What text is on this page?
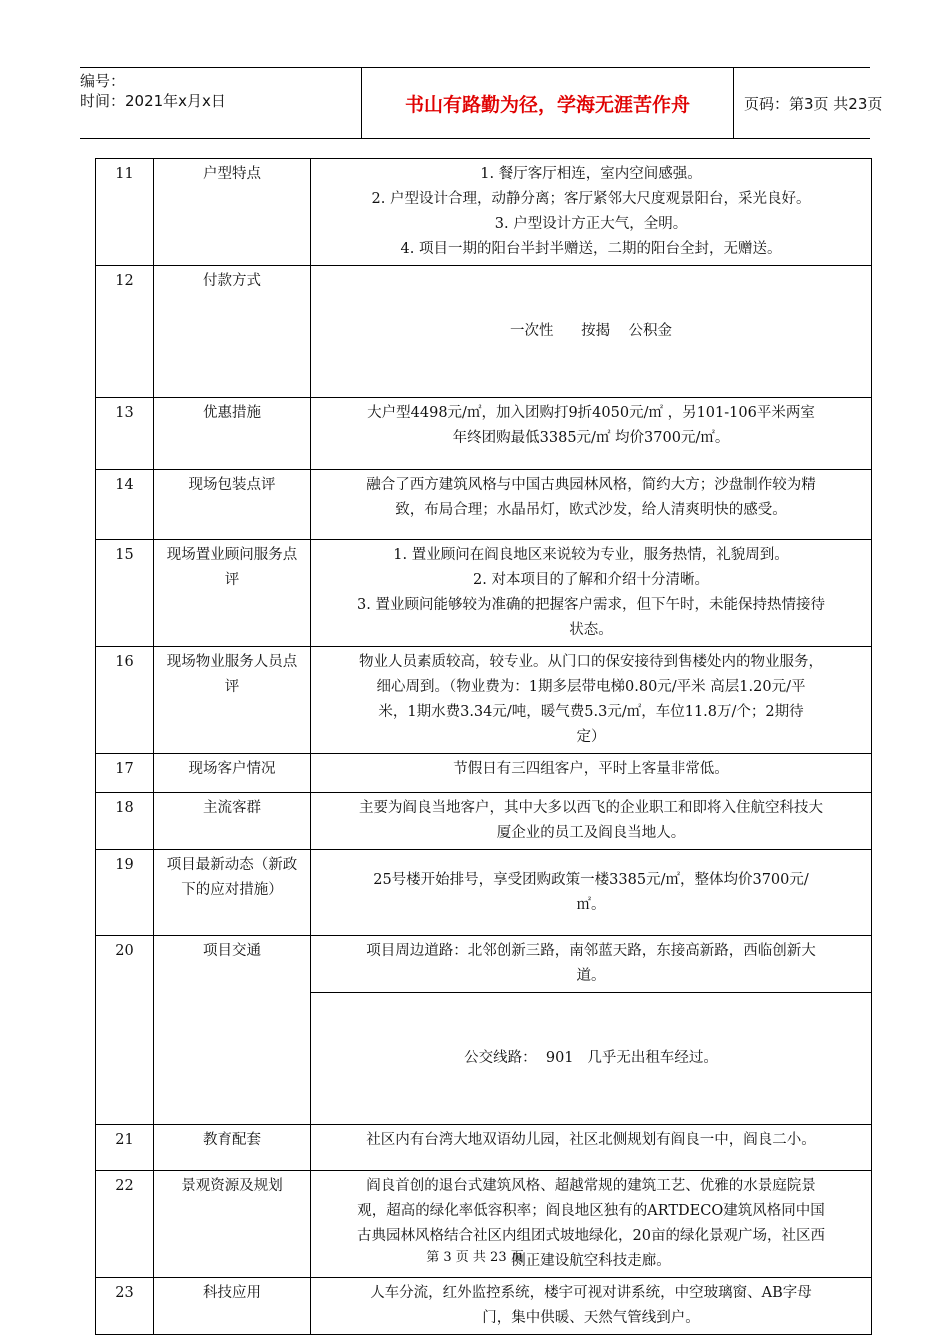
编号：
时间：2021年x月x日	书山有路勤为径，学海无涯苦作舟	页码：第3页 共23页
11	户型特点	1. 餐厅客厅相连，室内空间感强。
2. 户型设计合理，动静分离；客厅紧邻大尺度观景阳台，采光良好。
3. 户型设计方正大气，全明。
4. 项目一期的阳台半封半赠送，二期的阳台全封，无赠送。

12	付款方式	一次性      按揭    公积金

13	优惠措施	大户型4498元/㎡，加入团购打9折4050元/㎡ ，另101-106平米两室
年终团购最低3385元/㎡ 均价3700元/㎡。

14	现场包装点评	融合了西方建筑风格与中国古典园林风格，简约大方；沙盘制作较为精
致，布局合理；水晶吊灯，欧式沙发，给人清爽明快的感受。

15	现场置业顾问服务点评	1. 置业顾问在阎良地区来说较为专业，服务热情，礼貌周到。
2. 对本项目的了解和介绍十分清晰。
3. 置业顾问能够较为准确的把握客户需求，但下午时，未能保持热情接待
状态。

16	现场物业服务人员点评	物业人员素质较高，较专业。从门口的保安接待到售楼处内的物业服务，
细心周到。（物业费为：1期多层带电梯0.80元/平米 高层1.20元/平
米，1期水费3.34元/吨，暖气费5.3元/㎡，车位11.8万/个；2期待
定）

17	现场客户情况	节假日有三四组客户，平时上客量非常低。

18	主流客群	主要为阎良当地客户，其中大多以西飞的企业职工和即将入住航空科技大
厦企业的员工及阎良当地人。

19	项目最新动态（新政下的应对措施）	25号楼开始排号，享受团购政策一楼3385元/㎡，整体均价3700元/
㎡。

20	项目交通	项目周边道路：北邻创新三路，南邻蓝天路，东接高新路，西临创新大
道。

		公交线路：  901   几乎无出租车经过。

21	教育配套	社区内有台湾大地双语幼儿园，社区北侧规划有阎良一中，阎良二小。

22	景观资源及规划	阎良首创的退台式建筑风格、超越常规的建筑工艺、优雅的水景庭院景
观，超高的绿化率低容积率；阎良地区独有的ARTDECO建筑风格同中国
古典园林风格结合社区内组团式坡地绿化，20亩的绿化景观广场，社区西
侧正建设航空科技走廊。

23	科技应用	人车分流，红外监控系统，楼宇可视对讲系统，中空玻璃窗、AB字母
门，集中供暖、天然气管线到户。
第 3 页 共 23 页
